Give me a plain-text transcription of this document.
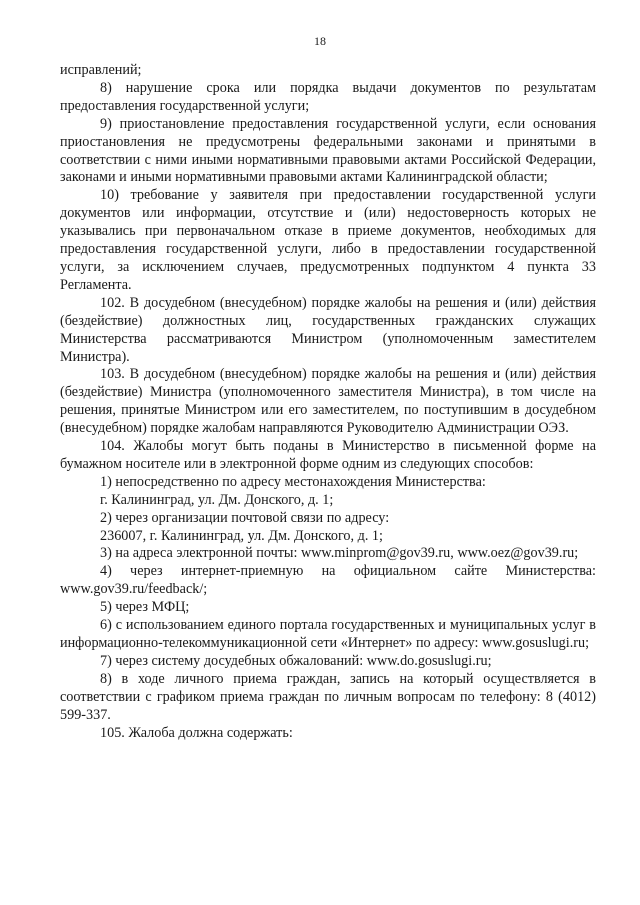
18

исправлений;

8) нарушение срока или порядка выдачи документов по результатам предоставления государственной услуги;

9) приостановление предоставления государственной услуги, если основания приостановления не предусмотрены федеральными законами и принятыми в соответствии с ними иными нормативными правовыми актами Российской Федерации, законами и иными нормативными правовыми актами Калининградской области;

10) требование у заявителя при предоставлении государственной услуги документов или информации, отсутствие и (или) недостоверность которых не указывались при первоначальном отказе в приеме документов, необходимых для предоставления государственной услуги, либо в предоставлении государственной услуги, за исключением случаев, предусмотренных подпунктом 4 пункта 33 Регламента.

102. В досудебном (внесудебном) порядке жалобы на решения и (или) действия (бездействие) должностных лиц, государственных гражданских служащих Министерства рассматриваются Министром (уполномоченным заместителем Министра).

103. В досудебном (внесудебном) порядке жалобы на решения и (или) действия (бездействие) Министра (уполномоченного заместителя Министра), в том числе на решения, принятые Министром или его заместителем, по поступившим в досудебном (внесудебном) порядке жалобам направляются Руководителю Администрации ОЭЗ.

104. Жалобы могут быть поданы в Министерство в письменной форме на бумажном носителе или в электронной форме одним из следующих способов:

1) непосредственно по адресу местонахождения Министерства:

г. Калининград, ул. Дм. Донского, д. 1;

2) через организации почтовой связи по адресу:

236007, г. Калининград, ул. Дм. Донского, д. 1;

3) на адреса электронной почты: www.minprom@gov39.ru, www.oez@gov39.ru;

4) через интернет-приемную на официальном сайте Министерства: www.gov39.ru/feedback/;

5) через МФЦ;

6) с использованием единого портала государственных и муниципальных услуг в информационно-телекоммуникационной сети «Интернет» по адресу: www.gosuslugi.ru;

7) через систему досудебных обжалований: www.do.gosuslugi.ru;

8) в ходе личного приема граждан, запись на который осуществляется в соответствии с графиком приема граждан по личным вопросам по телефону: 8 (4012) 599-337.

105. Жалоба должна содержать:
